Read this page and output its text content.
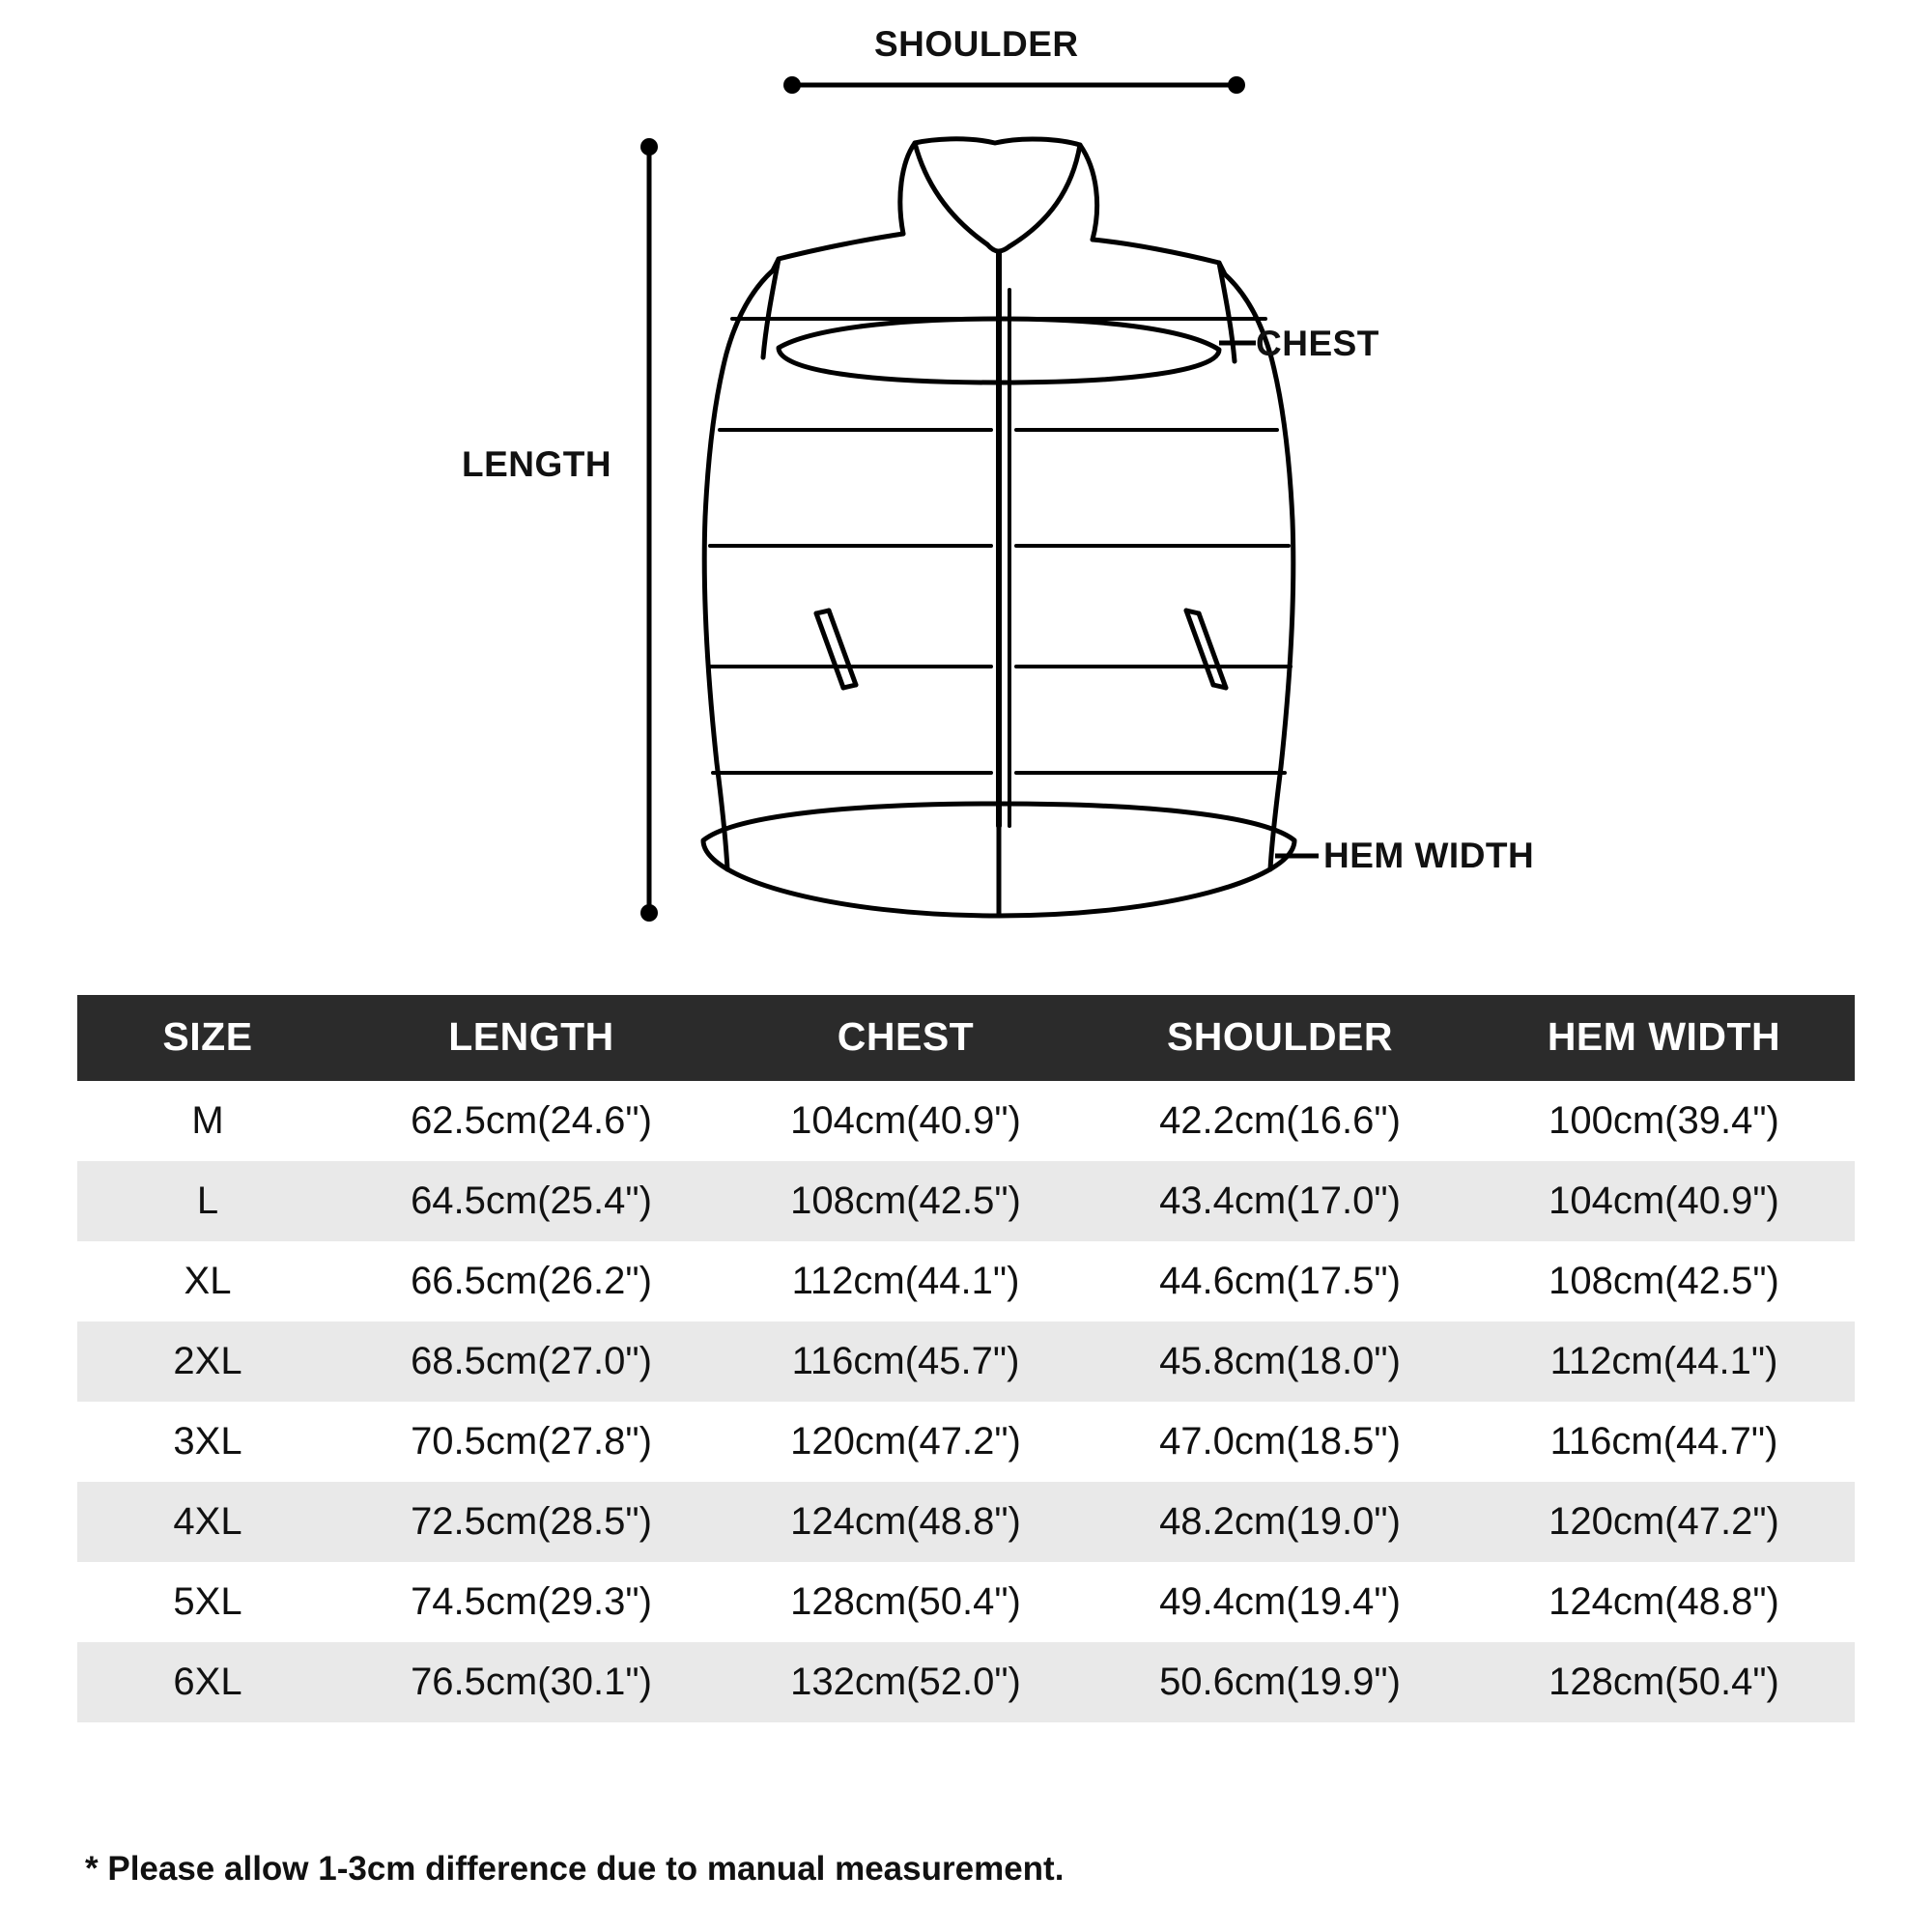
SHOULDER
CHEST
LENGTH
HEM WIDTH
SIZE	LENGTH	CHEST	SHOULDER	HEM WIDTH
M	62.5cm(24.6")	104cm(40.9")	42.2cm(16.6")	100cm(39.4")
L	64.5cm(25.4")	108cm(42.5")	43.4cm(17.0")	104cm(40.9")
XL	66.5cm(26.2")	112cm(44.1")	44.6cm(17.5")	108cm(42.5")
2XL	68.5cm(27.0")	116cm(45.7")	45.8cm(18.0")	112cm(44.1")
3XL	70.5cm(27.8")	120cm(47.2")	47.0cm(18.5")	116cm(44.7")
4XL	72.5cm(28.5")	124cm(48.8")	48.2cm(19.0")	120cm(47.2")
5XL	74.5cm(29.3")	128cm(50.4")	49.4cm(19.4")	124cm(48.8")
6XL	76.5cm(30.1")	132cm(52.0")	50.6cm(19.9")	128cm(50.4")
* Please allow 1-3cm difference due to manual measurement.
